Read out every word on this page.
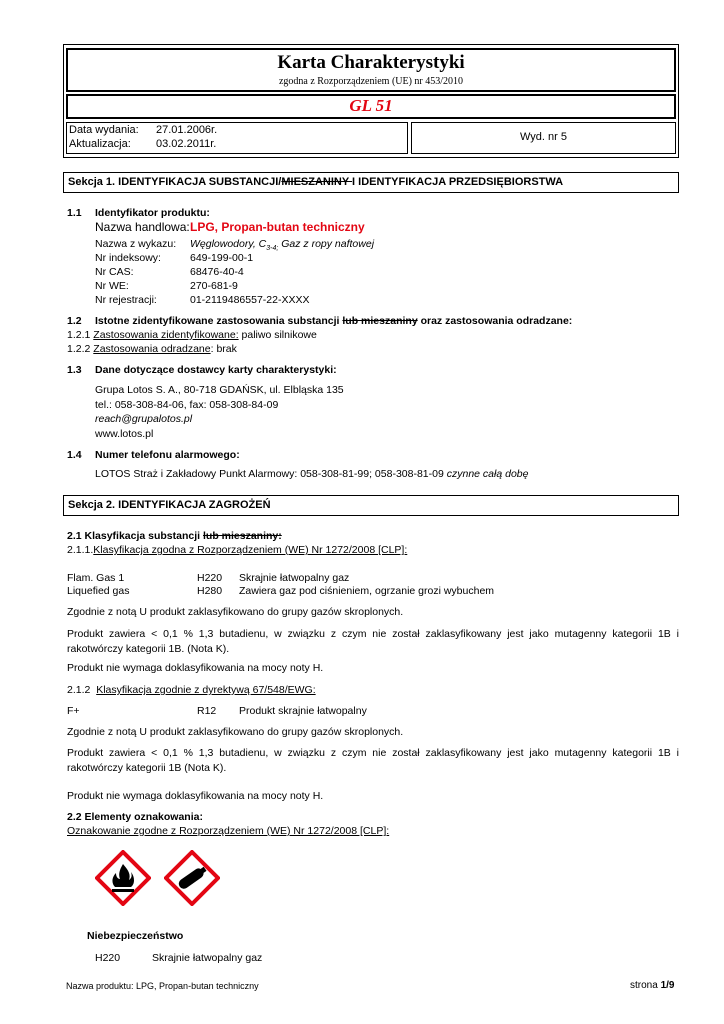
Karta Charakterystyki
zgodna z Rozporządzeniem (UE) nr 453/2010
GL 51
Data wydania: 27.01.2006r.
Aktualizacja: 03.02.2011r.
Wyd. nr 5
Sekcja 1. IDENTYFIKACJA SUBSTANCJI/MIESZANINY I IDENTYFIKACJA PRZEDSIĘBIORSTWA
1.1 Identyfikator produktu:
Nazwa handlowa: LPG, Propan-butan techniczny
Nazwa z wykazu: Węglowodory, $C_{3-4;}$ Gaz z ropy naftowej
Nr indeksowy:	649-199-00-1
Nr CAS:	68476-40-4
Nr WE:	270-681-9
Nr rejestracji:	01-2119486557-22-XXXX
1.2 Istotne zidentyfikowane zastosowania substancji lub mieszaniny oraz zastosowania odradzane:
1.2.1 Zastosowania zidentyfikowane: paliwo silnikowe
1.2.2 Zastosowania odradzane: brak
1.3 Dane dotyczące dostawcy karty charakterystyki:
Grupa Lotos S. A., 80-718 GDAŃSK, ul. Elbląska 135
tel.: 058-308-84-06, fax: 058-308-84-09
reach@grupalotos.pl
www.lotos.pl
1.4 Numer telefonu alarmowego:
LOTOS Straż i Zakładowy Punkt Alarmowy: 058-308-81-99; 058-308-81-09 czynne całą dobę
Sekcja 2. IDENTYFIKACJA ZAGROŻEŃ
2.1 Klasyfikacja substancji lub mieszaniny:
2.1.1.Klasyfikacja zgodna z Rozporządzeniem (WE) Nr 1272/2008 [CLP]:
Flam. Gas 1	H220 Skrajnie łatwopalny gaz
Liquefied gas	H280 Zawiera gaz pod ciśnieniem, ogrzanie grozi wybuchem
Zgodnie z notą U produkt zaklasyfikowano do grupy gazów skroplonych.
Produkt zawiera < 0,1 % 1,3 butadienu, w związku z czym nie został zaklasyfikowany jest jako mutagenny kategorii 1B i rakotwórczy kategorii 1B. (Nota K).
Produkt nie wymaga doklasyfikowania na mocy noty H.
2.1.2 Klasyfikacja zgodnie z dyrektywą 67/548/EWG:
F+	R12 Produkt skrajnie łatwopalny
Zgodnie z notą U produkt zaklasyfikowano do grupy gazów skroplonych.
Produkt zawiera < 0,1 % 1,3 butadienu, w związku z czym nie został zaklasyfikowany jest jako mutagenny kategorii 1B i rakotwórczy kategorii 1B (Nota K).
Produkt nie wymaga doklasyfikowania na mocy noty H.
2.2 Elementy oznakowania:
Oznakowanie zgodne z Rozporządzeniem (WE) Nr 1272/2008 [CLP]:
Niebezpieczeństwo
H220	Skrajnie łatwopalny gaz
Nazwa produktu: LPG, Propan-butan techniczny	strona 1/9
